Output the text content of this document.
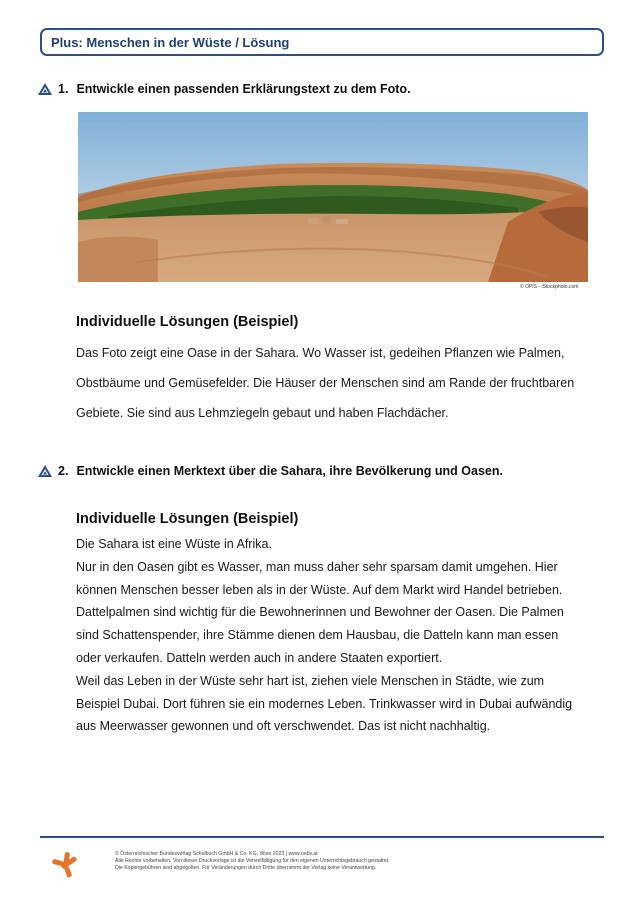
Plus: Menschen in der Wüste / Lösung
1. Entwickle einen passenden Erklärungstext zu dem Foto.
© OPIS - iStockphoto.com
Individuelle Lösungen (Beispiel)

Das Foto zeigt eine Oase in der Sahara. Wo Wasser ist, gedeihen Pflanzen wie Palmen,

Obstbäume und Gemüsefelder. Die Häuser der Menschen sind am Rande der fruchtbaren

Gebiete. Sie sind aus Lehmziegeln gebaut und haben Flachdächer.

2. Entwickle einen Merktext über die Sahara, ihre Bevölkerung und Oasen.
Individuelle Lösungen (Beispiel)

Die Sahara ist eine Wüste in Afrika.

Nur in den Oasen gibt es Wasser, man muss daher sehr sparsam damit umgehen. Hier

können Menschen besser leben als in der Wüste. Auf dem Markt wird Handel betrieben.

Dattelpalmen sind wichtig für die Bewohnerinnen und Bewohner der Oasen. Die Palmen

sind Schattenspender, ihre Stämme dienen dem Hausbau, die Datteln kann man essen

oder verkaufen. Datteln werden auch in andere Staaten exportiert.

Weil das Leben in der Wüste sehr hart ist, ziehen viele Menschen in Städte, wie zum

Beispiel Dubai. Dort führen sie ein modernes Leben. Trinkwasser wird in Dubai aufwändig

aus Meerwasser gewonnen und oft verschwendet. Das ist nicht nachhaltig.

© Österreichischer Bundesverlag Schulbuch GmbH & Co. KG, Wien 2023 | www.oebv.at
Alle Rechte vorbehalten. Von dieser Druckvorlage ist die Vervielfältigung für den eigenen Unterrichtsgebrauch gestattet.
Die Kopiergebühren sind abgegolten. Für Veränderungen durch Dritte übernimmt der Verlag keine Verantwortung.
